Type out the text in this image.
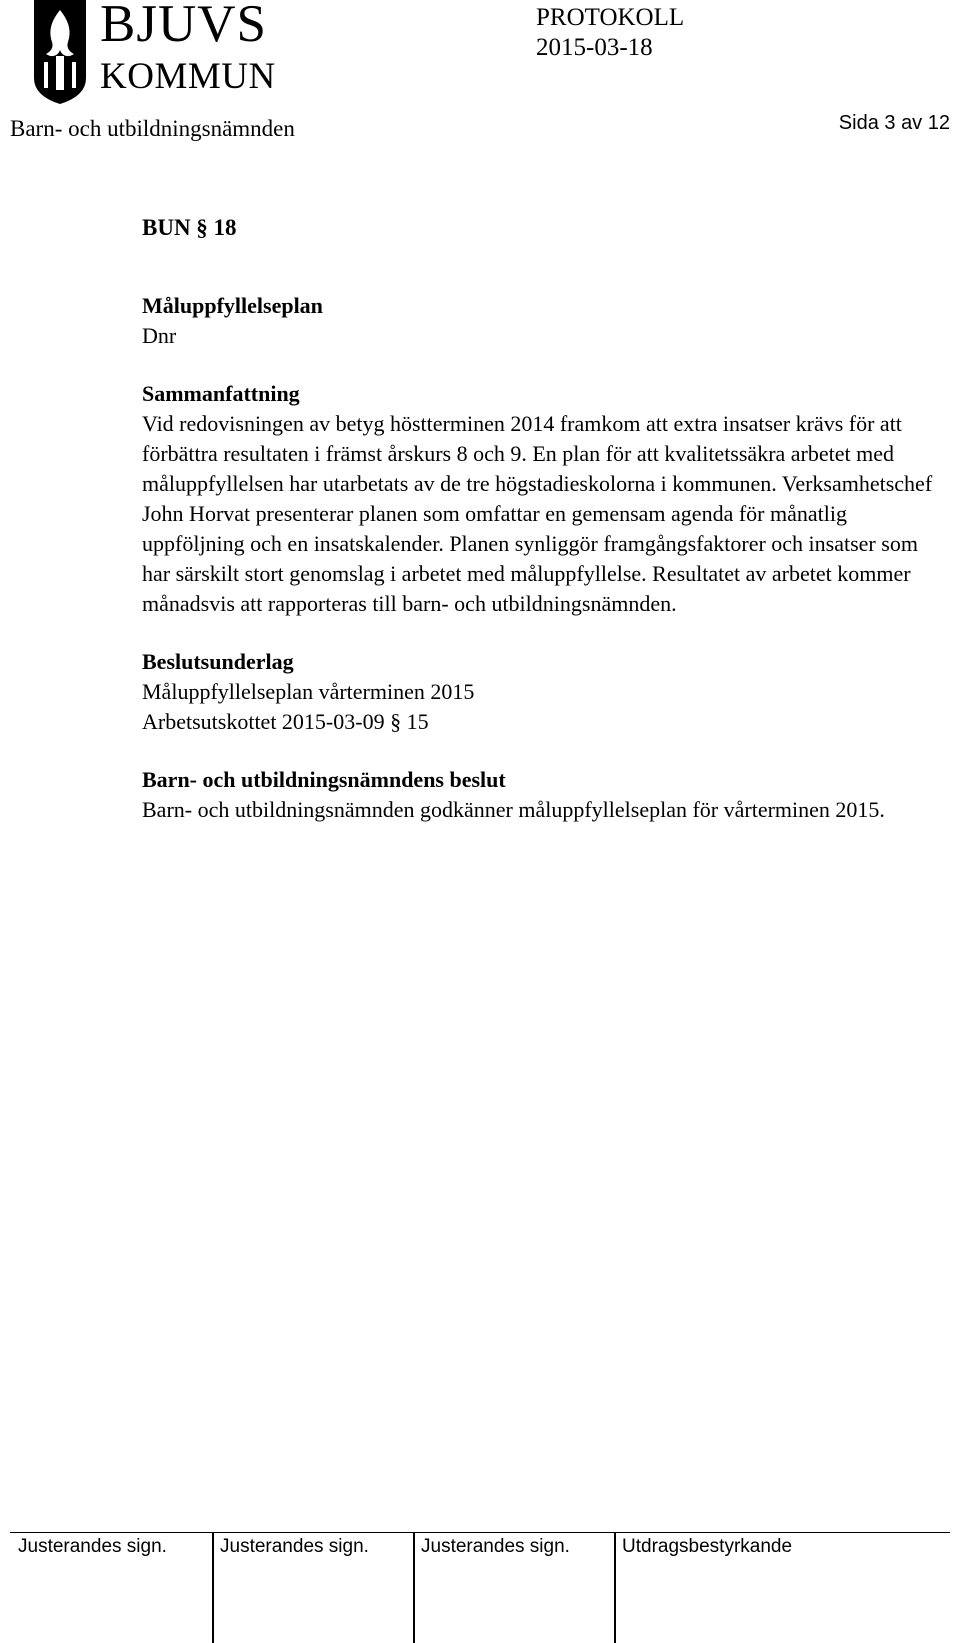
BJUVS
KOMMUN
PROTOKOLL
2015-03-18
Barn- och utbildningsnämnden	Sida 3 av 12
BUN § 18
Måluppfyllelseplan
Dnr
Sammanfattning

Vid redovisningen av betyg höstterminen 2014 framkom att extra insatser krävs för att förbättra resultaten i främst årskurs 8 och 9. En plan för att kvalitetssäkra arbetet med måluppfyllelsen har utarbetats av de tre högstadieskolorna i kommunen. Verksamhetschef John Horvat presenterar planen som omfattar en gemensam agenda för månatlig uppföljning och en insatskalender. Planen synliggör framgångsfaktorer och insatser som har särskilt stort genomslag i arbetet med måluppfyllelse. Resultatet av arbetet kommer månadsvis att rapporteras till barn- och utbildningsnämnden.

Beslutsunderlag
Måluppfyllelseplan vårterminen 2015
Arbetsutskottet 2015-03-09 § 15
Barn- och utbildningsnämndens beslut

Barn- och utbildningsnämnden godkänner måluppfyllelseplan för vårterminen 2015.

Justerandes sign.	Justerandes sign.	Justerandes sign.	Utdragsbestyrkande
